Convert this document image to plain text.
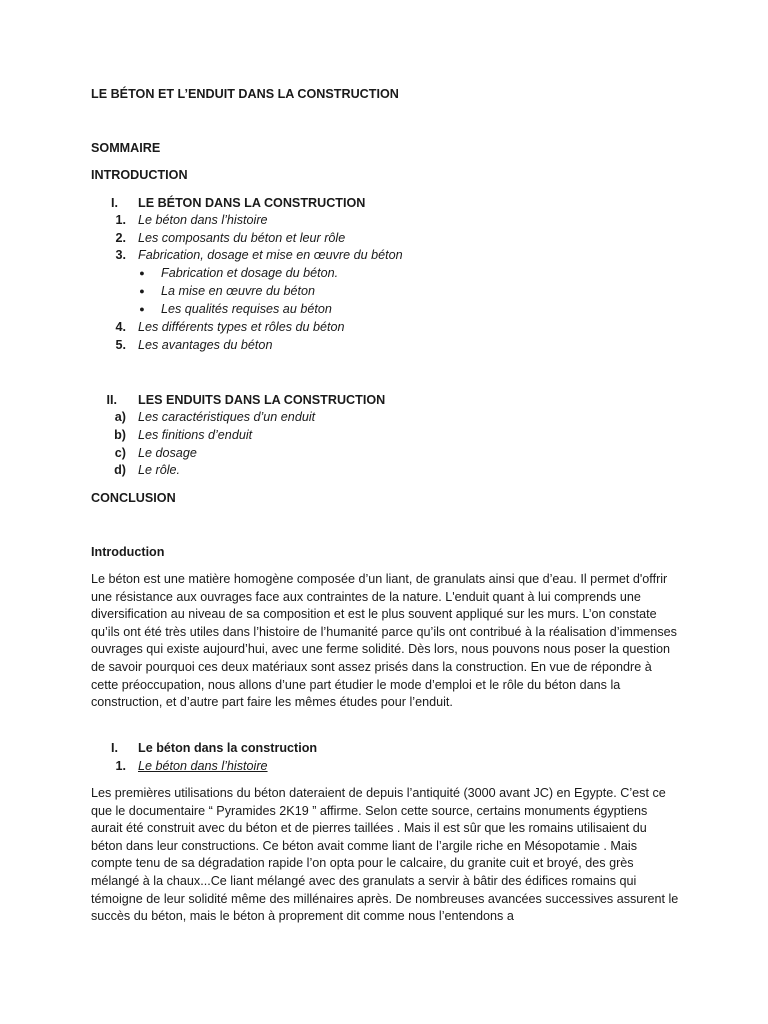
LE BÉTON ET L’ENDUIT DANS LA CONSTRUCTION
SOMMAIRE
INTRODUCTION
I. LE BÉTON DANS LA CONSTRUCTION
1. Le béton dans l’histoire
2. Les composants du béton et leur rôle
3. Fabrication, dosage et mise en œuvre du béton
● Fabrication et dosage du béton.
● La mise en œuvre du béton
● Les qualités requises au béton
4. Les différents types et rôles du béton
5. Les avantages du béton
II. LES ENDUITS DANS LA CONSTRUCTION
a) Les caractéristiques d’un enduit
b) Les finitions d’enduit
c) Le dosage
d) Le rôle.
CONCLUSION
Introduction

Le béton est une matière homogène composée d’un liant, de granulats ainsi que d’eau. Il permet d'offrir une résistance aux ouvrages face aux contraintes de la nature. L'enduit quant à lui comprends une diversification au niveau de sa composition et est le plus souvent appliqué sur les murs. L’on constate qu’ils ont été très utiles dans l’histoire de l’humanité parce qu’ils ont contribué à la réalisation d’immenses ouvrages qui existe aujourd’hui, avec une ferme solidité. Dès lors, nous pouvons nous poser la question de savoir pourquoi ces deux matériaux sont assez prisés dans la construction. En vue de répondre à cette préoccupation, nous allons d’une part étudier le mode d’emploi et le rôle du béton dans la construction, et d’autre part faire les mêmes études pour l’enduit.

I. Le béton dans la construction
1. Le béton dans l’histoire

Les premières utilisations du béton dateraient de depuis l’antiquité (3000 avant JC) en Egypte. C’est ce que le documentaire “ Pyramides 2K19 ” affirme. Selon cette source, certains monuments égyptiens aurait été construit avec du béton et de pierres taillées . Mais il est sûr que les romains utilisaient du béton dans leur constructions. Ce béton avait comme liant de l’argile riche en Mésopotamie . Mais compte tenu de sa dégradation rapide l’on opta pour le calcaire, du granite cuit et broyé, des grès mélangé à la chaux...Ce liant mélangé avec des granulats a servir à bâtir des édifices romains qui témoigne de leur solidité même des millénaires après. De nombreuses avancées successives assurent le succès du béton, mais le béton à proprement dit comme nous l’entendons a
